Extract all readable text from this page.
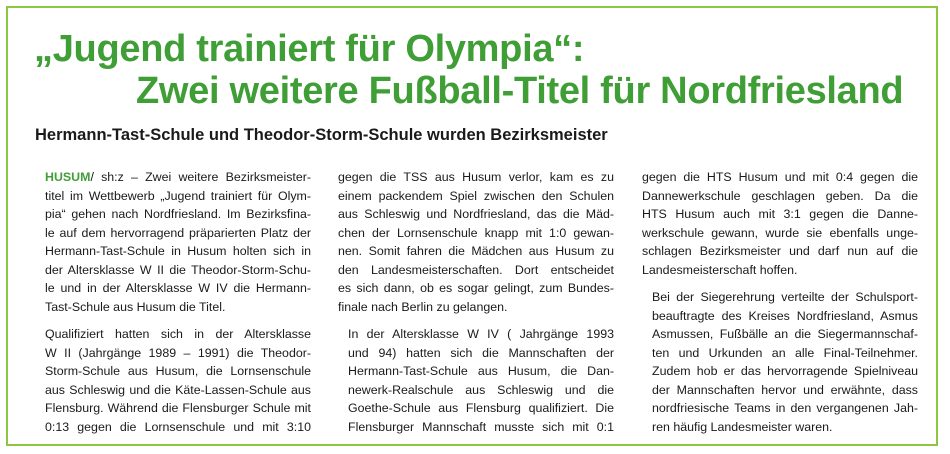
„Jugend trainiert für Olympia“:
Zwei weitere Fußball-Titel für Nordfriesland
Hermann-Tast-Schule und Theodor-Storm-Schule wurden Bezirksmeister

HUSUM/ sh:z – Zwei weitere Bezirksmeister-
titel im Wettbewerb „Jugend trainiert für Olym-
pia“ gehen nach Nordfriesland. Im Bezirksfina-
le auf dem hervorragend präparierten Platz der
Hermann-Tast-Schule in Husum holten sich in
der Altersklasse W II die Theodor-Storm-Schu-
le und in der Altersklasse W IV die Hermann-
Tast-Schule aus Husum die Titel.

Qualifiziert hatten sich in der Altersklasse
W II (Jahrgänge 1989 – 1991) die Theodor-
Storm-Schule aus Husum, die Lornsenschule
aus Schleswig und die Käte-Lassen-Schule aus
Flensburg. Während die Flensburger Schule mit
0:13 gegen die Lornsenschule und mit 3:10

gegen die TSS aus Husum verlor, kam es zu
einem packendem Spiel zwischen den Schulen
aus Schleswig und Nordfriesland, das die Mäd-
chen der Lornsenschule knapp mit 1:0 gewan-
nen. Somit fahren die Mädchen aus Husum zu
den Landesmeisterschaften. Dort entscheidet
es sich dann, ob es sogar gelingt, zum Bundes-
finale nach Berlin zu gelangen.

In der Altersklasse W IV ( Jahrgänge 1993
und 94) hatten sich die Mannschaften der
Hermann-Tast-Schule aus Husum, die Dan-
newerk-Realschule aus Schleswig und die
Goethe-Schule aus Flensburg qualifiziert. Die
Flensburger Mannschaft musste sich mit 0:1

gegen die HTS Husum und mit 0:4 gegen die
Dannewerkschule geschlagen geben. Da die
HTS Husum auch mit 3:1 gegen die Danne-
werkschule gewann, wurde sie ebenfalls unge-
schlagen Bezirksmeister und darf nun auf die
Landesmeisterschaft hoffen.

Bei der Siegerehrung verteilte der Schulsport-
beauftragte des Kreises Nordfriesland, Asmus
Asmussen, Fußbälle an die Siegermannschaf-
ten und Urkunden an alle Final-Teilnehmer.
Zudem hob er das hervorragende Spielniveau
der Mannschaften hervor und erwähnte, dass
nordfriesische Teams in den vergangenen Jah-
ren häufig Landesmeister waren.
